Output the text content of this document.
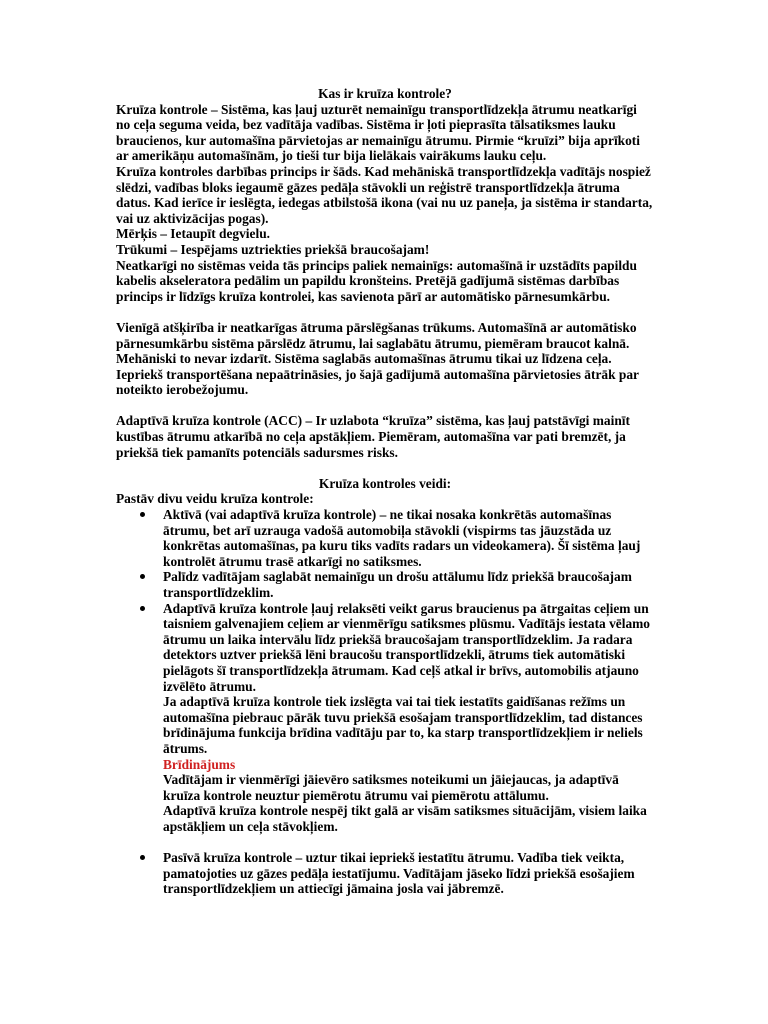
Kas ir kruīza kontrole?

Kruīza kontrole – Sistēma, kas ļauj uzturēt nemainīgu transportlīdzekļa ātrumu neatkarīgi no ceļa seguma veida, bez vadītāja vadības. Sistēma ir ļoti pieprasīta tālsatiksmes lauku braucienos, kur automašīna pārvietojas ar nemainīgu ātrumu. Pirmie “kruīzi” bija aprīkoti ar amerikāņu automašīnām, jo tieši tur bija lielākais vairākums lauku ceļu.

Kruīza kontroles darbības princips ir šāds. Kad mehāniskā transportlīdzekļa vadītājs nospiež slēdzi, vadības bloks iegaumē gāzes pedāļa stāvokli un reģistrē transportlīdzekļa ātruma datus. Kad ierīce ir ieslēgta, iedegas atbilstošā ikona (vai nu uz paneļa, ja sistēma ir standarta, vai uz aktivizācijas pogas).

Mērķis – Ietaupīt degvielu.

Trūkumi – Iespējams uztriekties priekšā braucošajam!

Neatkarīgi no sistēmas veida tās princips paliek nemainīgs: automašīnā ir uzstādīts papildu kabelis akseleratora pedālim un papildu kronšteins. Pretējā gadījumā sistēmas darbības princips ir līdzīgs kruīza kontrolei, kas savienota pārī ar automātisko pārnesumkārbu.

Vienīgā atšķirība ir neatkarīgas ātruma pārslēgšanas trūkums. Automašīnā ar automātisko pārnesumkārbu sistēma pārslēdz ātrumu, lai saglabātu ātrumu, piemēram braucot kalnā. Mehāniski to nevar izdarīt. Sistēma saglabās automašīnas ātrumu tikai uz līdzena ceļa. Iepriekš transportēšana nepaātrināsies, jo šajā gadījumā automašīna pārvietosies ātrāk par noteikto ierobežojumu.

Adaptīvā kruīza kontrole (ACC) – Ir uzlabota “kruīza” sistēma, kas ļauj patstāvīgi mainīt kustības ātrumu atkarībā no ceļa apstākļiem. Piemēram, automašīna var pati bremzēt, ja priekšā tiek pamanīts potenciāls sadursmes risks.

Kruīza kontroles veidi:

Pastāv divu veidu kruīza kontrole:

Aktīvā (vai adaptīvā kruīza kontrole) – ne tikai nosaka konkrētās automašīnas ātrumu, bet arī uzrauga vadošā automobiļa stāvokli (vispirms tas jāuzstāda uz konkrētas automašīnas, pa kuru tiks vadīts radars un videokamera). Šī sistēma ļauj kontrolēt ātrumu trasē atkarīgi no satiksmes.

Palīdz vadītājam saglabāt nemainīgu un drošu attālumu līdz priekšā braucošajam transportlīdzeklim.

Adaptīvā kruīza kontrole ļauj relaksēti veikt garus braucienus pa ātrgaitas ceļiem un taisniem galvenajiem ceļiem ar vienmērīgu satiksmes plūsmu. Vadītājs iestata vēlamo ātrumu un laika intervālu līdz priekšā braucošajam transportlīdzeklim. Ja radara detektors uztver priekšā lēni braucošu transportlīdzekli, ātrums tiek automātiski pielāgots šī transportlīdzekļa ātrumam. Kad ceļš atkal ir brīvs, automobilis atjauno izvēlēto ātrumu.

Ja adaptīvā kruīza kontrole tiek izslēgta vai tai tiek iestatīts gaidīšanas režīms un automašīna piebrauc pārāk tuvu priekšā esošajam transportlīdzeklim, tad distances brīdinājuma funkcija brīdina vadītāju par to, ka starp transportlīdzekļiem ir neliels ātrums.

Brīdinājums

Vadītājam ir vienmērīgi jāievēro satiksmes noteikumi un jāiejaucas, ja adaptīvā kruīza kontrole neuztur piemērotu ātrumu vai piemērotu attālumu.

Adaptīvā kruīza kontrole nespēj tikt galā ar visām satiksmes situācijām, visiem laika apstākļiem un ceļa stāvokļiem.

Pasīvā kruīza kontrole – uztur tikai iepriekš iestatītu ātrumu. Vadība tiek veikta, pamatojoties uz gāzes pedāļa iestatījumu. Vadītājam jāseko līdzi priekšā esošajiem transportlīdzekļiem un attiecīgi jāmaina josla vai jābremzē.
